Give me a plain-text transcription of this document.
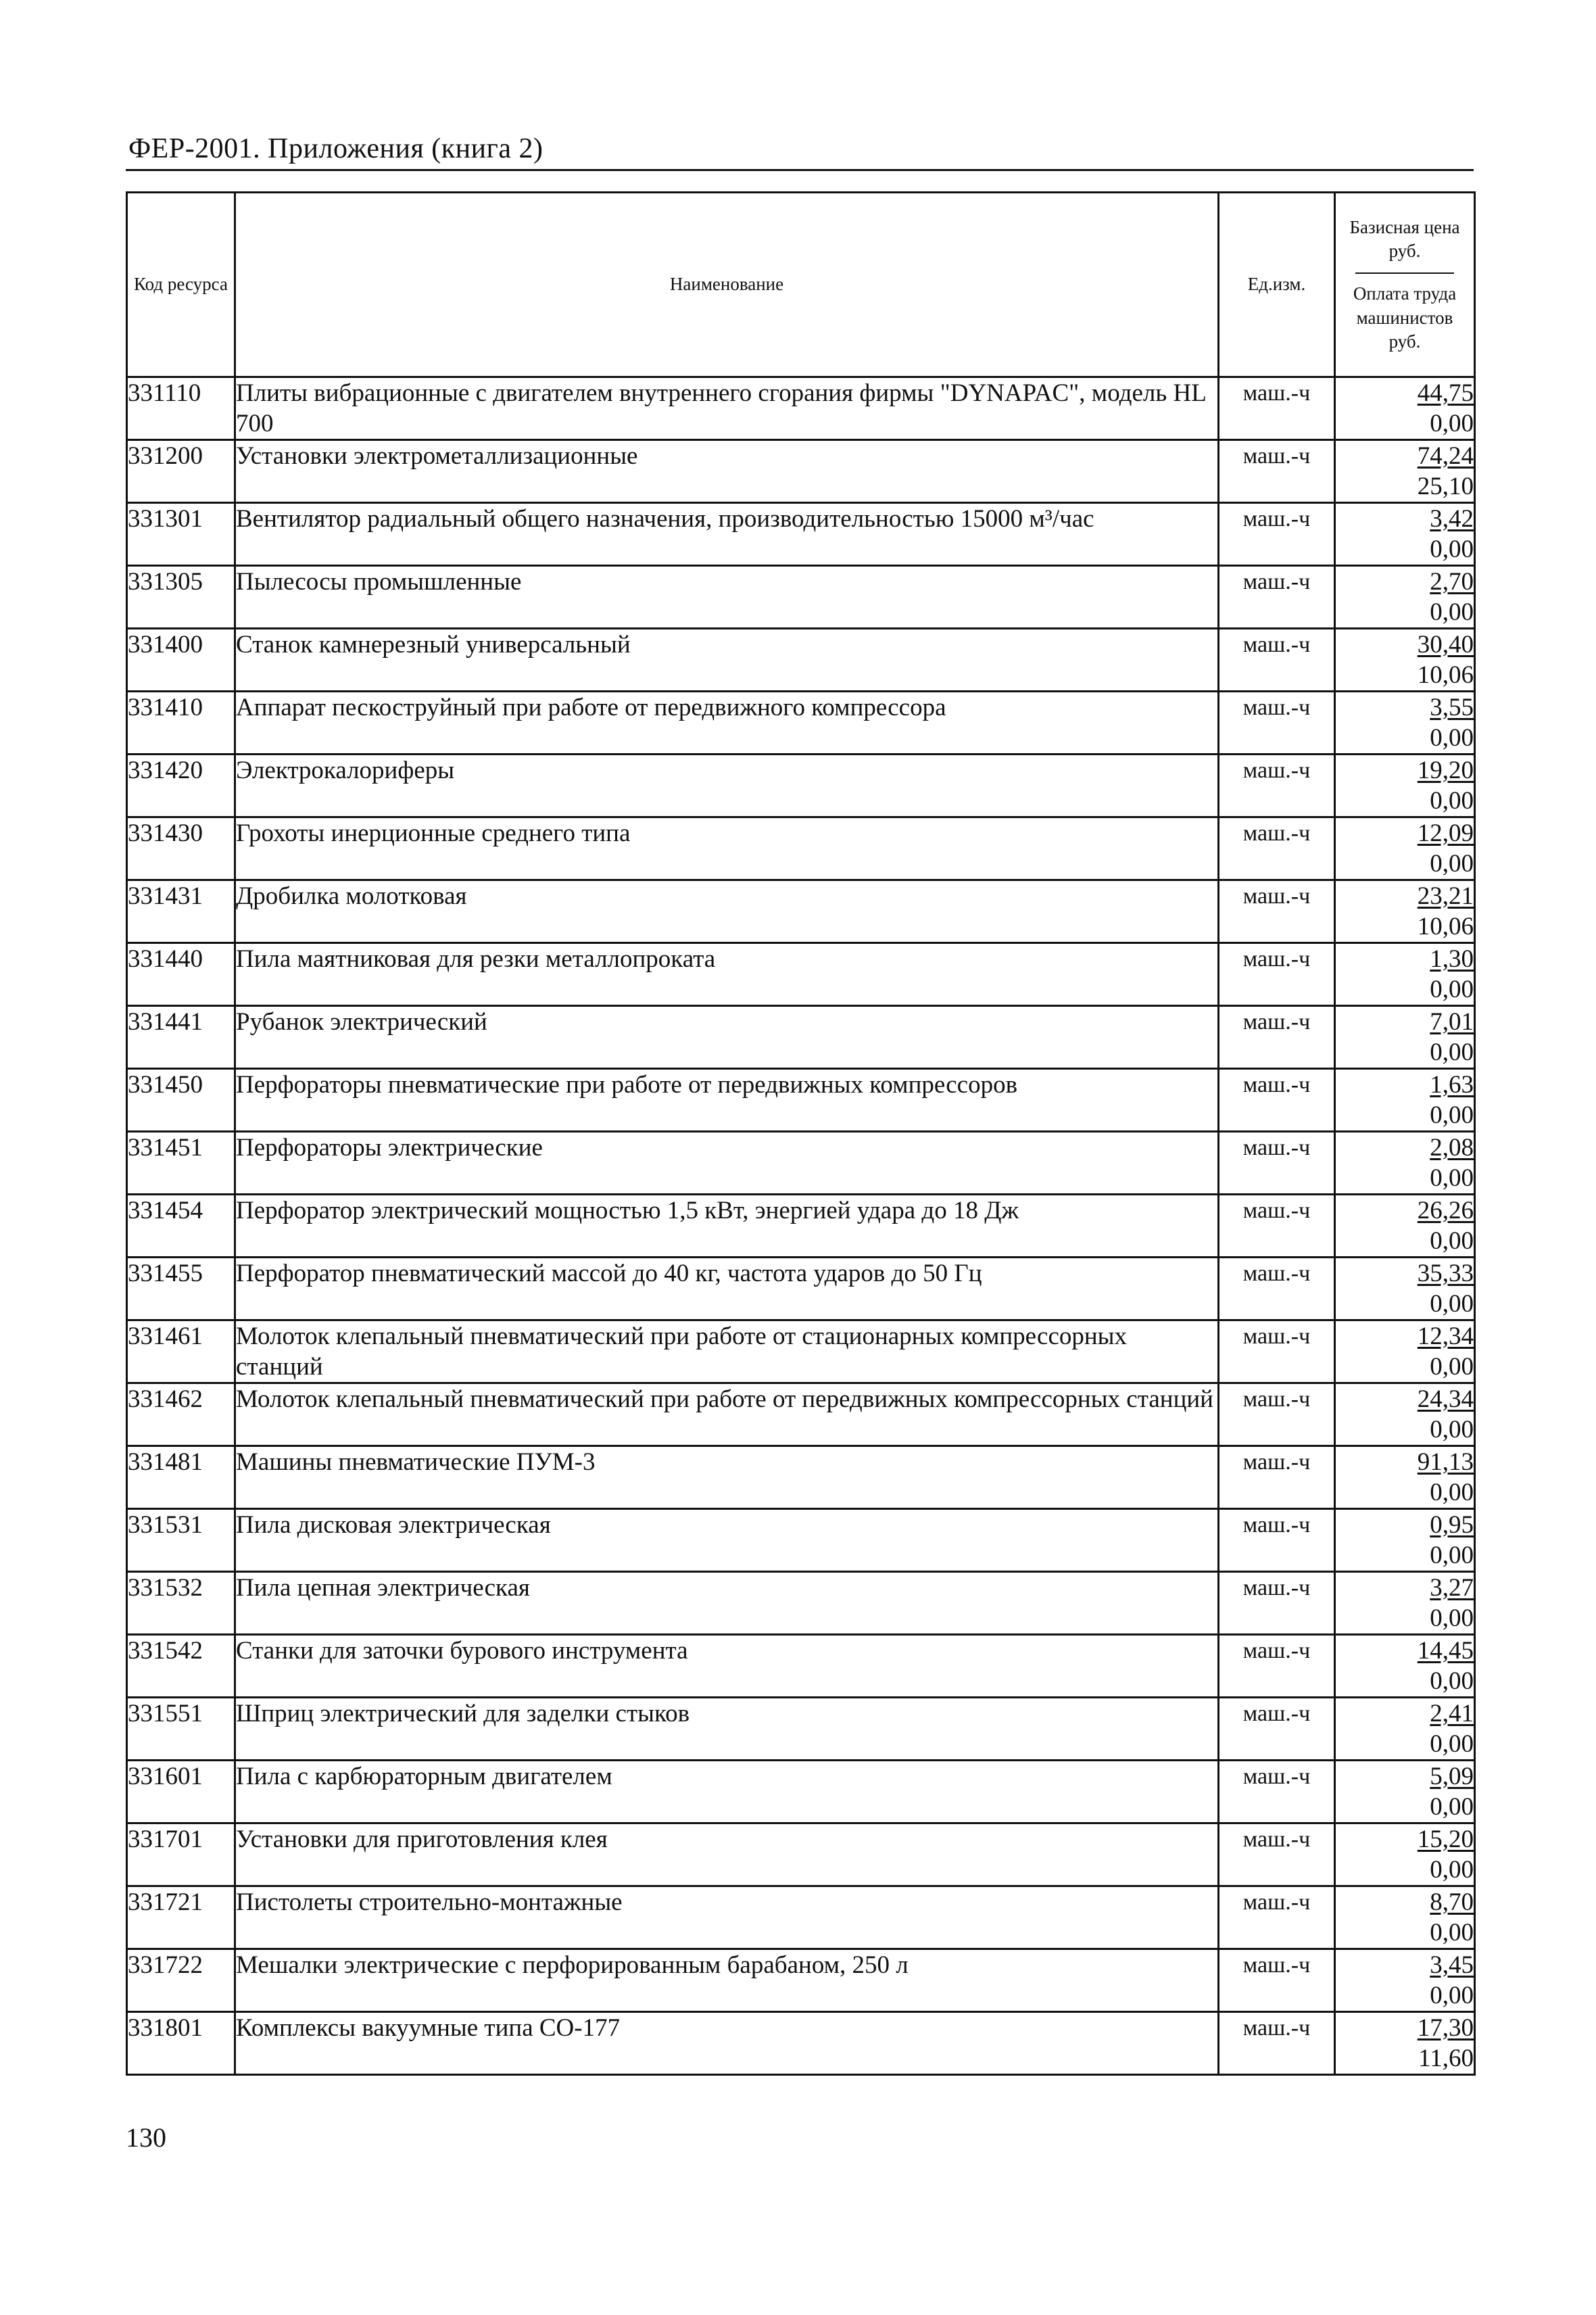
ФЕР-2001. Приложения (книга 2)
Код ресурса	Наименование	Ед.изм.	Базисная цена руб.
Оплата труда машинистов руб.

331110	Плиты вибрационные с двигателем внутреннего сгорания фирмы "DYNAPAC", модель HL 700	маш.-ч	44,75
0,00

331200	Установки электрометаллизационные	маш.-ч	74,24
25,10

331301	Вентилятор радиальный общего назначения, производительностью 15000 м³/час	маш.-ч	3,42
0,00

331305	Пылесосы промышленные	маш.-ч	2,70
0,00

331400	Станок камнерезный универсальный	маш.-ч	30,40
10,06

331410	Аппарат пескоструйный при работе от передвижного компрессора	маш.-ч	3,55
0,00

331420	Электрокалориферы	маш.-ч	19,20
0,00

331430	Грохоты инерционные среднего типа	маш.-ч	12,09
0,00

331431	Дробилка молотковая	маш.-ч	23,21
10,06

331440	Пила маятниковая для резки металлопроката	маш.-ч	1,30
0,00

331441	Рубанок электрический	маш.-ч	7,01
0,00

331450	Перфораторы пневматические при работе от передвижных компрессоров	маш.-ч	1,63
0,00

331451	Перфораторы электрические	маш.-ч	2,08
0,00

331454	Перфоратор электрический мощностью 1,5 кВт, энергией удара до 18 Дж	маш.-ч	26,26
0,00

331455	Перфоратор пневматический массой до 40 кг, частота ударов до 50 Гц	маш.-ч	35,33
0,00

331461	Молоток клепальный пневматический при работе от стационарных компрессорных станций	маш.-ч	12,34
0,00

331462	Молоток клепальный пневматический при работе от передвижных компрессорных станций	маш.-ч	24,34
0,00

331481	Машины пневматические ПУМ-3	маш.-ч	91,13
0,00

331531	Пила дисковая электрическая	маш.-ч	0,95
0,00

331532	Пила цепная электрическая	маш.-ч	3,27
0,00

331542	Станки для заточки бурового инструмента	маш.-ч	14,45
0,00

331551	Шприц электрический для заделки стыков	маш.-ч	2,41
0,00

331601	Пила с карбюраторным двигателем	маш.-ч	5,09
0,00

331701	Установки для приготовления клея	маш.-ч	15,20
0,00

331721	Пистолеты строительно-монтажные	маш.-ч	8,70
0,00

331722	Мешалки электрические с перфорированным барабаном, 250 л	маш.-ч	3,45
0,00

331801	Комплексы вакуумные типа СО-177	маш.-ч	17,30
11,60
130
